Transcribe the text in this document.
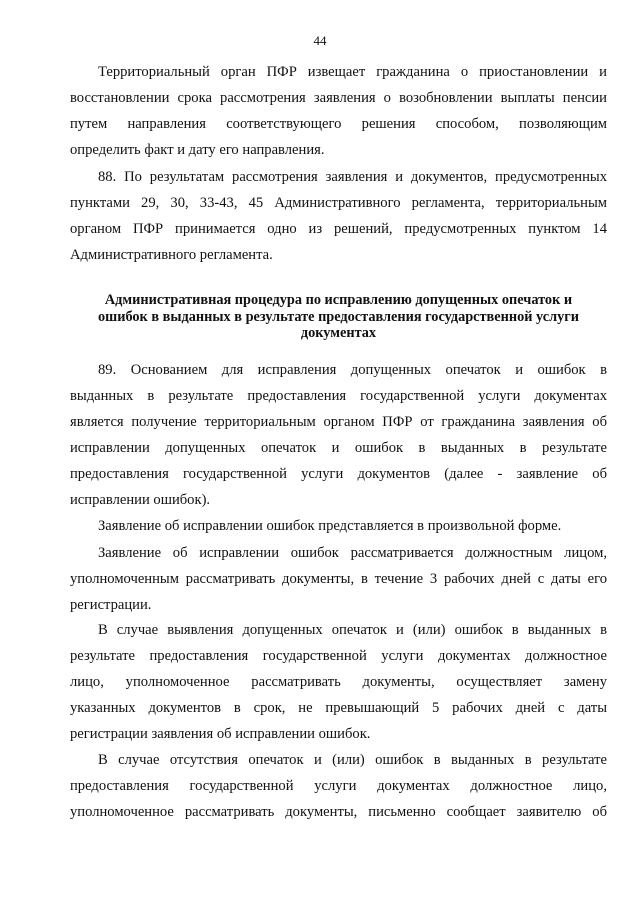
44
Территориальный орган ПФР извещает гражданина о приостановлении и
восстановлении срока рассмотрения заявления о возобновлении выплаты пенсии
путем направления соответствующего решения способом, позволяющим
определить факт и дату его направления.
88. По результатам рассмотрения заявления и документов, предусмотренных
пунктами 29, 30, 33-43, 45 Административного регламента, территориальным
органом ПФР принимается одно из решений, предусмотренных пунктом 14
Административного регламента.
Административная процедура по исправлению допущенных опечаток и
ошибок в выданных в результате предоставления государственной услуги
документах
89. Основанием для исправления допущенных опечаток и ошибок в
выданных в результате предоставления государственной услуги документах
является получение территориальным органом ПФР от гражданина заявления об
исправлении допущенных опечаток и ошибок в выданных в результате
предоставления государственной услуги документов (далее - заявление об
исправлении ошибок).
Заявление об исправлении ошибок представляется в произвольной форме.
Заявление об исправлении ошибок рассматривается должностным лицом,
уполномоченным рассматривать документы, в течение 3 рабочих дней с даты его
регистрации.
В случае выявления допущенных опечаток и (или) ошибок в выданных в
результате предоставления государственной услуги документах должностное
лицо, уполномоченное рассматривать документы, осуществляет замену
указанных документов в срок, не превышающий 5 рабочих дней с даты
регистрации заявления об исправлении ошибок.
В случае отсутствия опечаток и (или) ошибок в выданных в результате
предоставления государственной услуги документах должностное лицо,
уполномоченное рассматривать документы, письменно сообщает заявителю об
